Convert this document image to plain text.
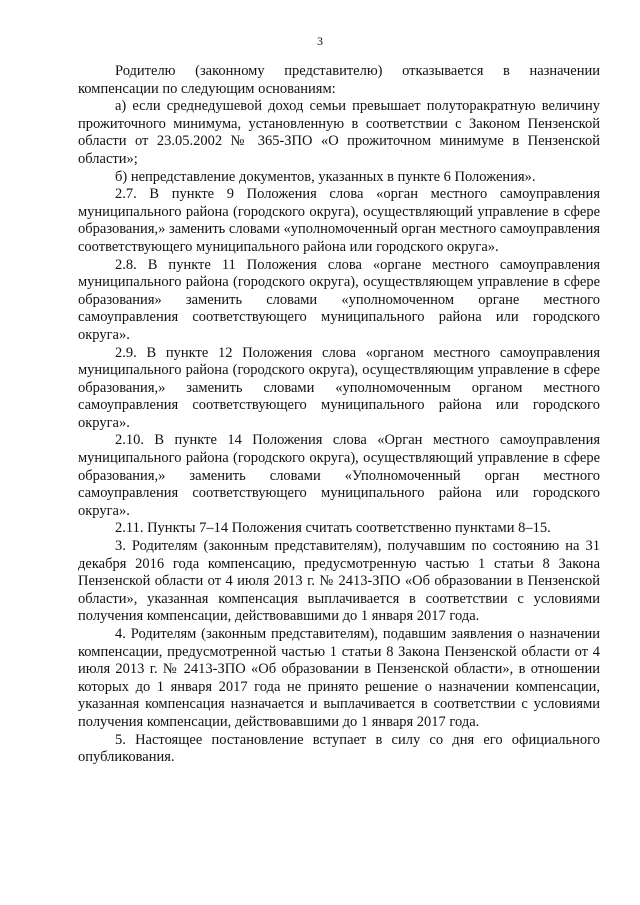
3

Родителю (законному представителю) отказывается в назначении компенсации по следующим основаниям:

а) если среднедушевой доход семьи превышает полуторакратную величину прожиточного минимума, установленную в соответствии с Законом Пензенской области от 23.05.2002 № 365-ЗПО «О прожиточном минимуме в Пензенской области»;

б) непредставление документов, указанных в пункте 6 Положения».

2.7. В пункте 9 Положения слова «орган местного самоуправления муниципального района (городского округа), осуществляющий управление в сфере образования,» заменить словами «уполномоченный орган местного самоуправления соответствующего муниципального района или городского округа».

2.8. В пункте 11 Положения слова «органе местного самоуправления муниципального района (городского округа), осуществляющем управление в сфере образования» заменить словами «уполномоченном органе местного самоуправления соответствующего муниципального района или городского округа».

2.9. В пункте 12 Положения слова «органом местного самоуправления муниципального района (городского округа), осуществляющим управление в сфере образования,» заменить словами «уполномоченным органом местного самоуправления соответствующего муниципального района или городского округа».

2.10. В пункте 14 Положения слова «Орган местного самоуправления муниципального района (городского округа), осуществляющий управление в сфере образования,» заменить словами «Уполномоченный орган местного самоуправления соответствующего муниципального района или городского округа».

2.11. Пункты 7–14 Положения считать соответственно пунктами 8–15.

3. Родителям (законным представителям), получавшим по состоянию на 31 декабря 2016 года компенсацию, предусмотренную частью 1 статьи 8 Закона Пензенской области от 4 июля 2013 г. № 2413-ЗПО «Об образовании в Пензенской области», указанная компенсация выплачивается в соответствии с условиями получения компенсации, действовавшими до 1 января 2017 года.

4. Родителям (законным представителям), подавшим заявления о назначении компенсации, предусмотренной частью 1 статьи 8 Закона Пензенской области от 4 июля 2013 г. № 2413-ЗПО «Об образовании в Пензенской области», в отношении которых до 1 января 2017 года не принято решение о назначении компенсации, указанная компенсация назначается и выплачивается в соответствии с условиями получения компенсации, действовавшими до 1 января 2017 года.

5. Настоящее постановление вступает в силу со дня его официального опубликования.
